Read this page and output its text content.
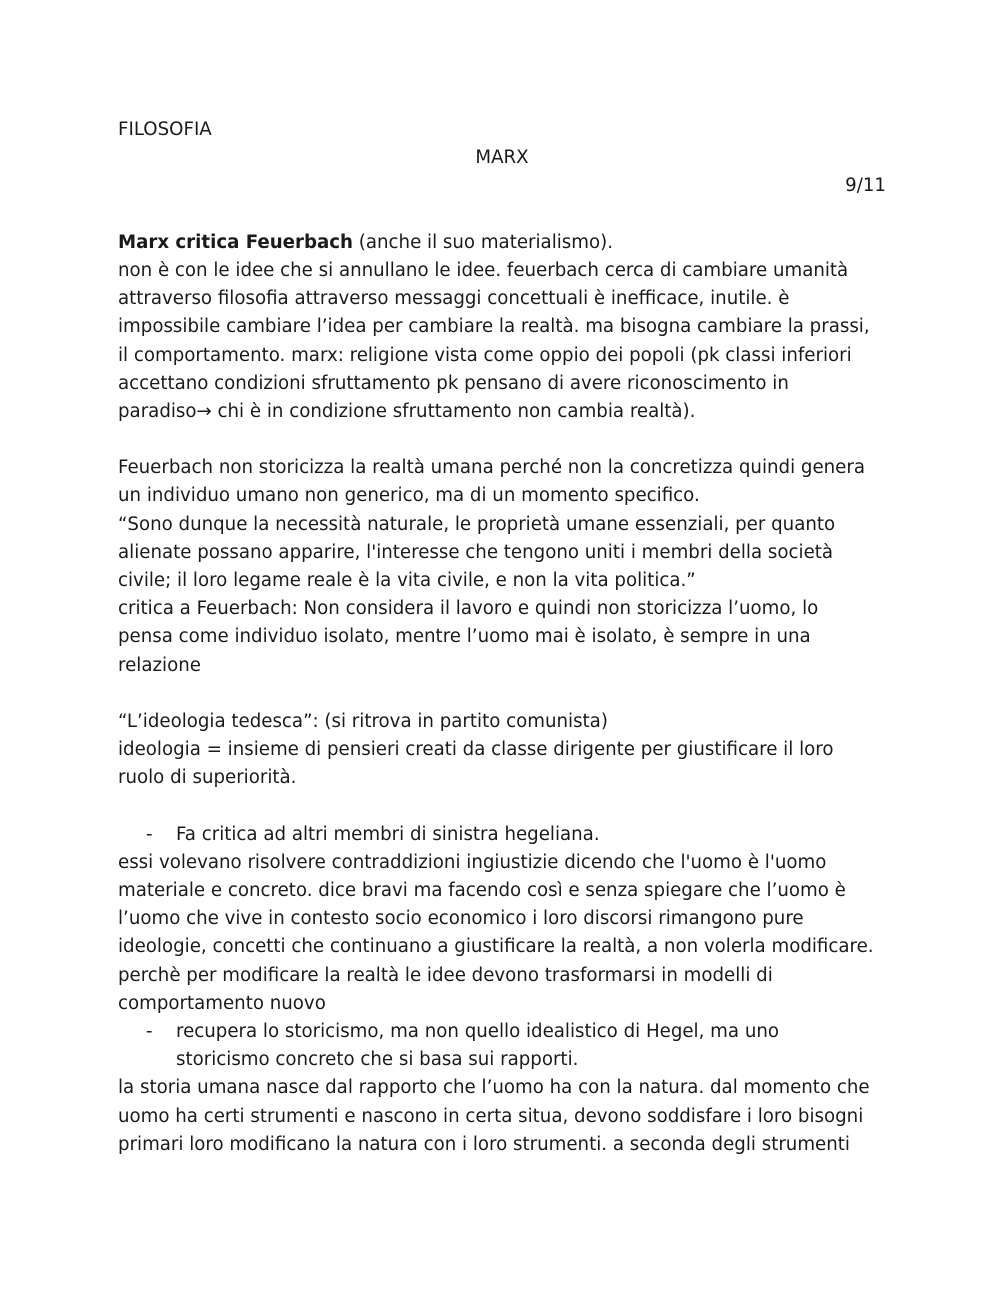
FILOSOFIA
MARX
9/11
Marx critica Feuerbach (anche il suo materialismo).
non è con le idee che si annullano le idee. feuerbach cerca di cambiare umanità
attraverso filosofia attraverso messaggi concettuali è inefficace, inutile. è
impossibile cambiare l’idea per cambiare la realtà. ma bisogna cambiare la prassi,
il comportamento. marx: religione vista come oppio dei popoli (pk classi inferiori
accettano condizioni sfruttamento pk pensano di avere riconoscimento in
paradiso→ chi è in condizione sfruttamento non cambia realtà).
Feuerbach non storicizza la realtà umana perché non la concretizza quindi genera
un individuo umano non generico, ma di un momento specifico.
“Sono dunque la necessità naturale, le proprietà umane essenziali, per quanto
alienate possano apparire, l'interesse che tengono uniti i membri della società
civile; il loro legame reale è la vita civile, e non la vita politica.”
critica a Feuerbach: Non considera il lavoro e quindi non storicizza l’uomo, lo
pensa come individuo isolato, mentre l’uomo mai è isolato, è sempre in una
relazione
“L’ideologia tedesca”: (si ritrova in partito comunista)
ideologia = insieme di pensieri creati da classe dirigente per giustificare il loro
ruolo di superiorità.
-	Fa critica ad altri membri di sinistra hegeliana.
essi volevano risolvere contraddizioni ingiustizie dicendo che l'uomo è l'uomo
materiale e concreto. dice bravi ma facendo così e senza spiegare che l’uomo è
l’uomo che vive in contesto socio economico i loro discorsi rimangono pure
ideologie, concetti che continuano a giustificare la realtà, a non volerla modificare.
perchè per modificare la realtà le idee devono trasformarsi in modelli di
comportamento nuovo
-	recupera lo storicismo, ma non quello idealistico di Hegel, ma uno
storicismo concreto che si basa sui rapporti.
la storia umana nasce dal rapporto che l’uomo ha con la natura. dal momento che
uomo ha certi strumenti e nascono in certa situa, devono soddisfare i loro bisogni
primari loro modificano la natura con i loro strumenti. a seconda degli strumenti
